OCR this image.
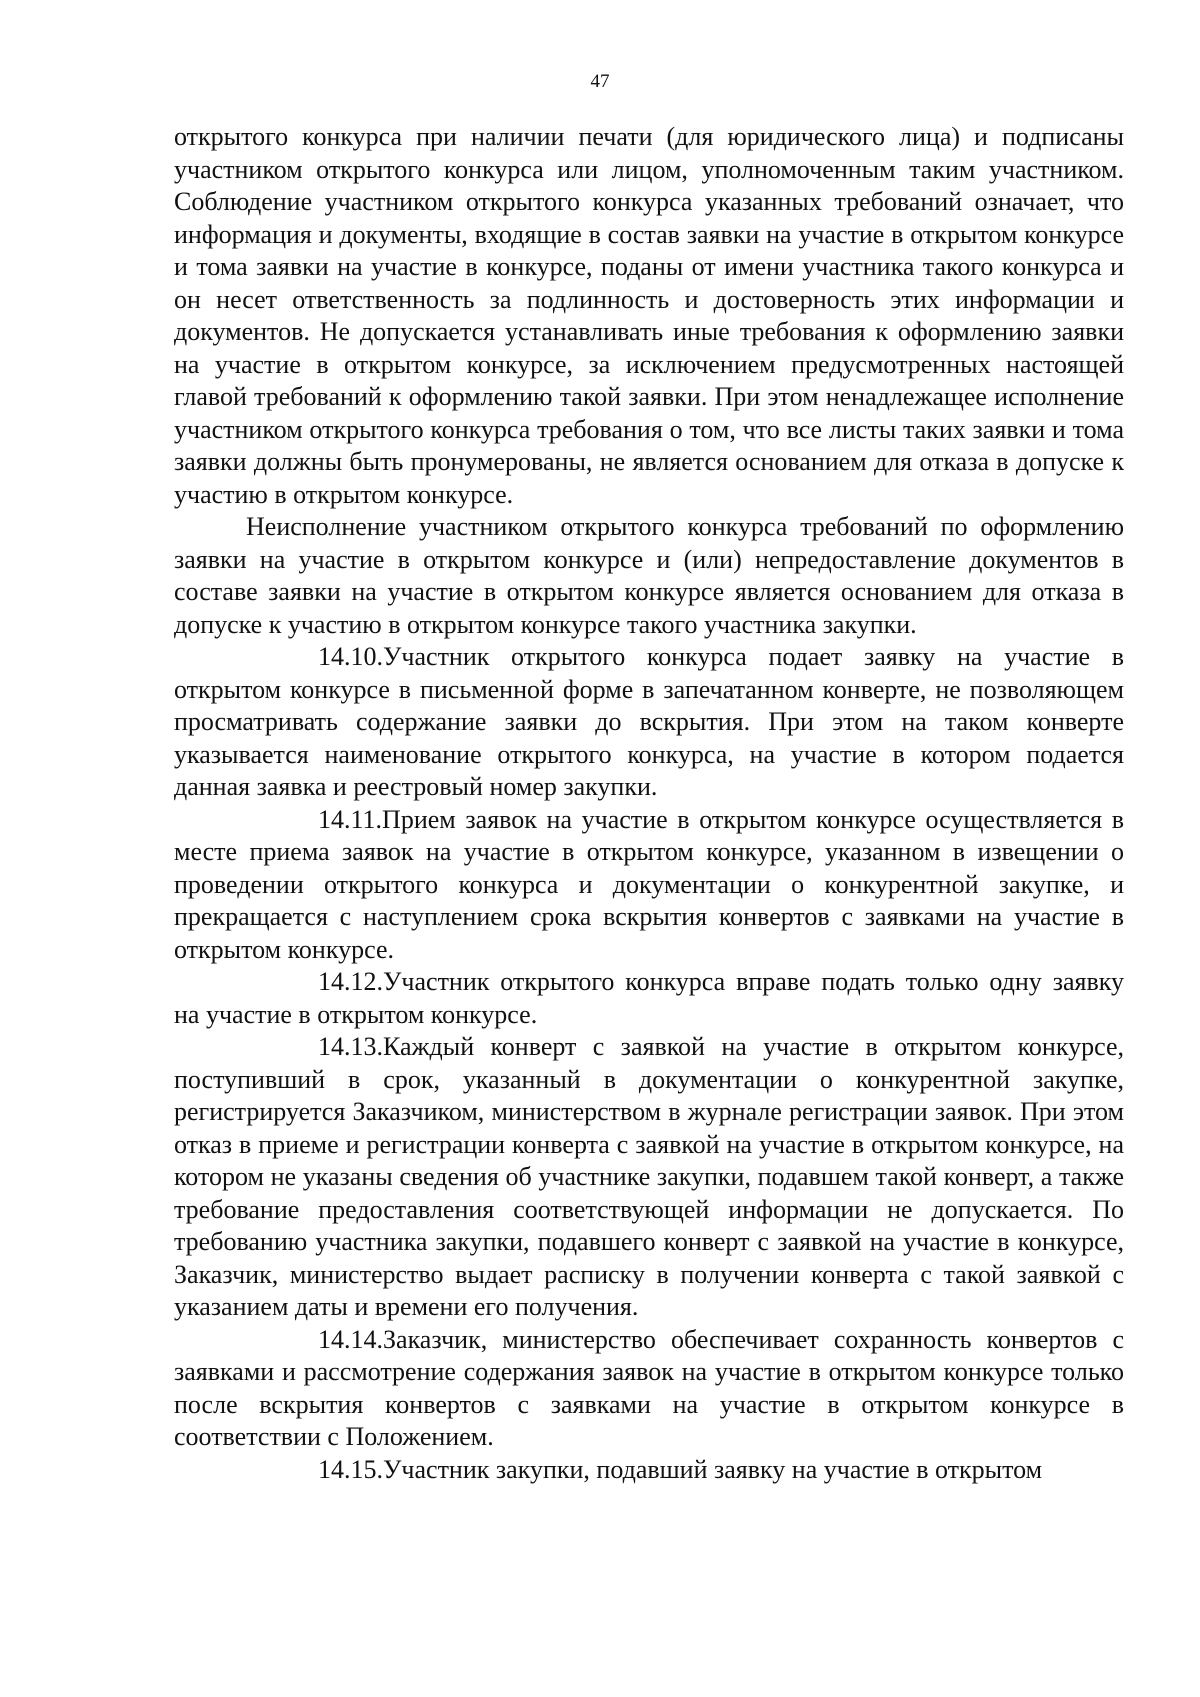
47

открытого конкурса при наличии печати (для юридического лица) и подписаны участником открытого конкурса или лицом, уполномоченным таким участником. Соблюдение участником открытого конкурса указанных требований означает, что информация и документы, входящие в состав заявки на участие в открытом конкурсе и тома заявки на участие в конкурсе, поданы от имени участника такого конкурса и он несет ответственность за подлинность и достоверность этих информации и документов. Не допускается устанавливать иные требования к оформлению заявки на участие в открытом конкурсе, за исключением предусмотренных настоящей главой требований к оформлению такой заявки. При этом ненадлежащее исполнение участником открытого конкурса требования о том, что все листы таких заявки и тома заявки должны быть пронумерованы, не является основанием для отказа в допуске к участию в открытом конкурсе.

Неисполнение участником открытого конкурса требований по оформлению заявки на участие в открытом конкурсе и (или) непредоставление документов в составе заявки на участие в открытом конкурсе является основанием для отказа в допуске к участию в открытом конкурсе такого участника закупки.

14.10.Участник открытого конкурса подает заявку на участие в открытом конкурсе в письменной форме в запечатанном конверте, не позволяющем просматривать содержание заявки до вскрытия. При этом на таком конверте указывается наименование открытого конкурса, на участие в котором подается данная заявка и реестровый номер закупки.

14.11.Прием заявок на участие в открытом конкурсе осуществляется в месте приема заявок на участие в открытом конкурсе, указанном в извещении о проведении открытого конкурса и документации о конкурентной закупке, и прекращается с наступлением срока вскрытия конвертов с заявками на участие в открытом конкурсе.

14.12.Участник открытого конкурса вправе подать только одну заявку на участие в открытом конкурсе.

14.13.Каждый конверт с заявкой на участие в открытом конкурсе, поступивший в срок, указанный в документации о конкурентной закупке, регистрируется Заказчиком, министерством в журнале регистрации заявок. При этом отказ в приеме и регистрации конверта с заявкой на участие в открытом конкурсе, на котором не указаны сведения об участнике закупки, подавшем такой конверт, а также требование предоставления соответствующей информации не допускается. По требованию участника закупки, подавшего конверт с заявкой на участие в конкурсе, Заказчик, министерство выдает расписку в получении конверта с такой заявкой с указанием даты и времени его получения.

14.14.Заказчик, министерство обеспечивает сохранность конвертов с заявками и рассмотрение содержания заявок на участие в открытом конкурсе только после вскрытия конвертов с заявками на участие в открытом конкурсе в соответствии с Положением.

14.15.Участник закупки, подавший заявку на участие в открытом
